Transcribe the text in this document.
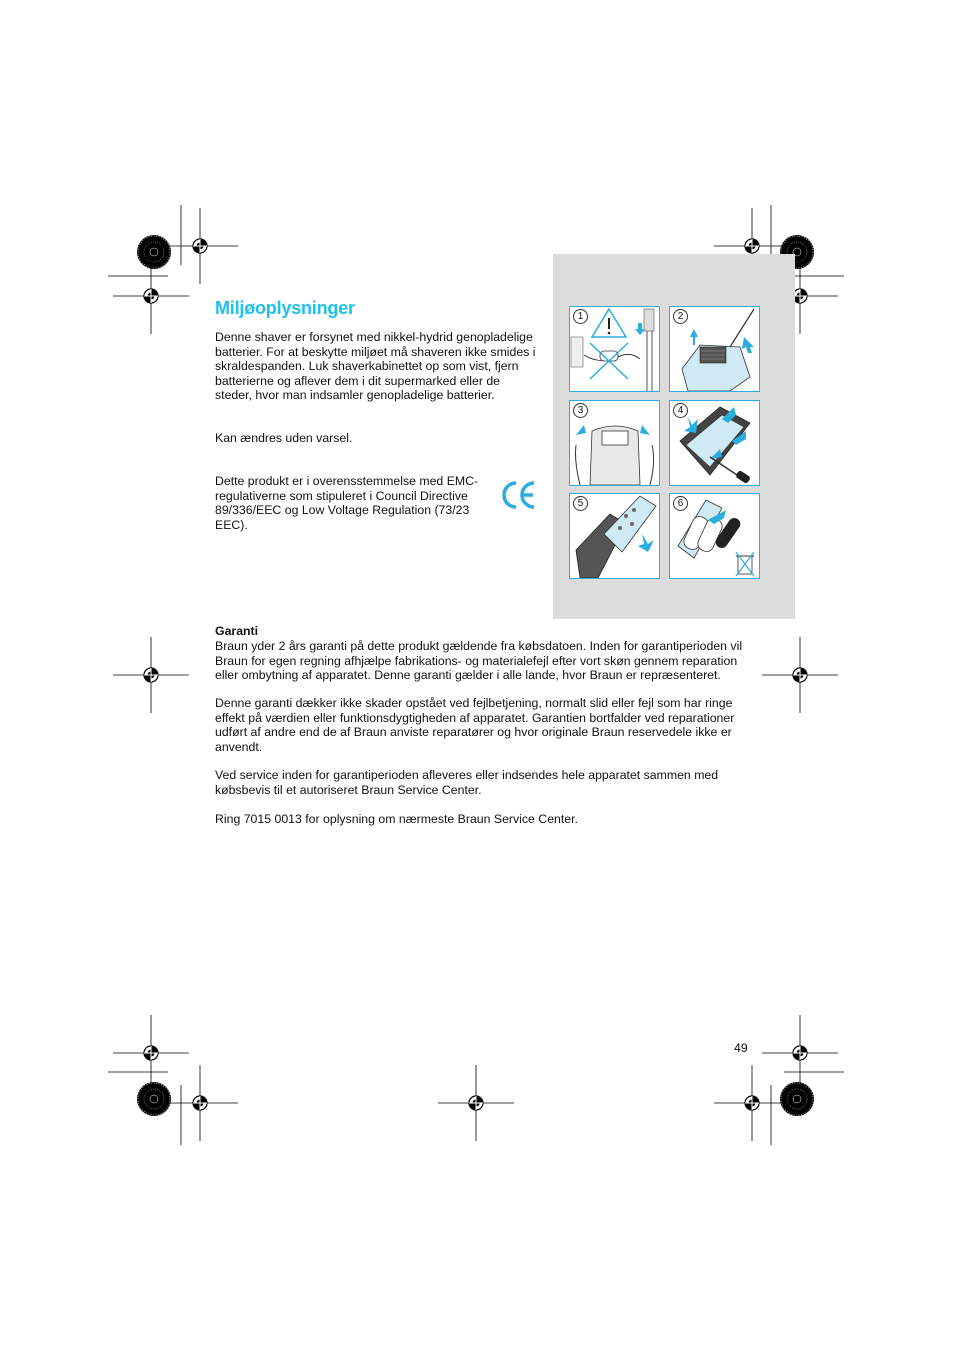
Miljøoplysninger

Denne shaver er forsynet med nikkel-hydrid genopladelige batterier. For at beskytte miljøet må shaveren ikke smides i skraldespanden. Luk shaverkabinettet op som vist, fjern batterierne og aflever dem i dit supermarked eller de steder, hvor man indsamler genopladelige batterier.

Kan ændres uden varsel.

Dette produkt er i overensstemmelse med EMC-regulativerne som stipuleret i Council Directive 89/336/EEC og Low Voltage Regulation (73/23 EEC).

1	2
3	4
5	6

Garanti

Braun yder 2 års garanti på dette produkt gældende fra købsdatoen. Inden for garantiperioden vil Braun for egen regning afhjælpe fabrikations- og materialefejl efter vort skøn gennem reparation eller ombytning af apparatet. Denne garanti gælder i alle lande, hvor Braun er repræsenteret.

Denne garanti dækker ikke skader opstået ved fejlbetjening, normalt slid eller fejl som har ringe effekt på værdien eller funktionsdygtigheden af apparatet. Garantien bortfalder ved reparationer udført af andre end de af Braun anviste reparatører og hvor originale Braun reservedele ikke er anvendt.

Ved service inden for garantiperioden afleveres eller indsendes hele apparatet sammen med købsbevis til et autoriseret Braun Service Center.

Ring 7015 0013 for oplysning om nærmeste Braun Service Center.

49
